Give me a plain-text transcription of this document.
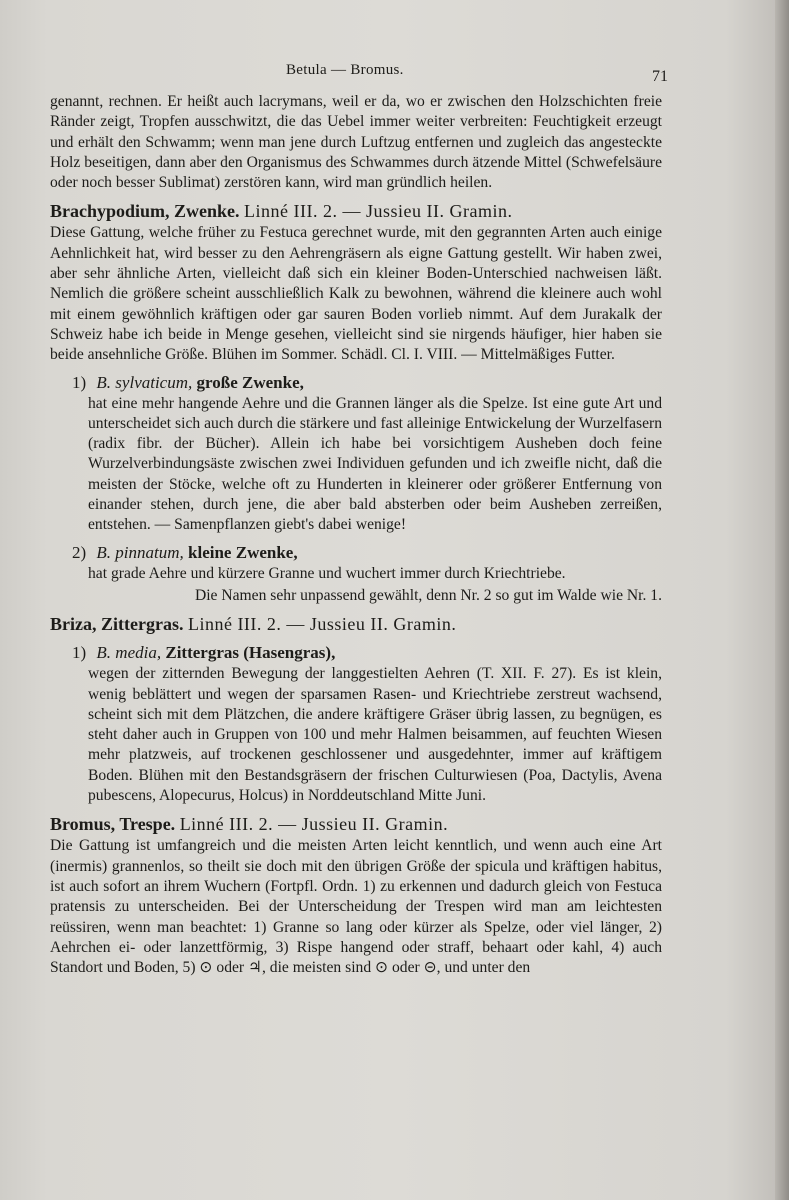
Betula — Bromus.	71

genannt, rechnen. Er heißt auch lacrymans, weil er da, wo er zwischen den Holzschichten freie Ränder zeigt, Tropfen ausschwitzt, die das Uebel immer weiter verbreiten: Feuchtigkeit erzeugt und erhält den Schwamm; wenn man jene durch Luftzug entfernen und zugleich das angesteckte Holz beseitigen, dann aber den Organismus des Schwammes durch ätzende Mittel (Schwefelsäure oder noch besser Sublimat) zerstören kann, wird man gründlich heilen.

Brachypodium, Zwenke. Linné III. 2. — Jussieu II. Gramin.

Diese Gattung, welche früher zu Festuca gerechnet wurde, mit den gegrannten Arten auch einige Aehnlichkeit hat, wird besser zu den Aehrengräsern als eigne Gattung gestellt. Wir haben zwei, aber sehr ähnliche Arten, vielleicht daß sich ein kleiner Boden-Unterschied nachweisen läßt. Nemlich die größere scheint ausschließlich Kalk zu bewohnen, während die kleinere auch wohl mit einem gewöhnlich kräftigen oder gar sauren Boden vorlieb nimmt. Auf dem Jurakalk der Schweiz habe ich beide in Menge gesehen, vielleicht sind sie nirgends häufiger, hier haben sie beide ansehnliche Größe. Blühen im Sommer. Schädl. Cl. I. VIII. — Mittelmäßiges Futter.

1) B. sylvaticum, große Zwenke,

hat eine mehr hangende Aehre und die Grannen länger als die Spelze. Ist eine gute Art und unterscheidet sich auch durch die stärkere und fast alleinige Entwickelung der Wurzelfasern (radix fibr. der Bücher). Allein ich habe bei vorsichtigem Ausheben doch feine Wurzelverbindungsäste zwischen zwei Individuen gefunden und ich zweifle nicht, daß die meisten der Stöcke, welche oft zu Hunderten in kleinerer oder größerer Entfernung von einander stehen, durch jene, die aber bald absterben oder beim Ausheben zerreißen, entstehen. — Samenpflanzen giebt's dabei wenige!

2) B. pinnatum, kleine Zwenke,

hat grade Aehre und kürzere Granne und wuchert immer durch Kriechtriebe.

Die Namen sehr unpassend gewählt, denn Nr. 2 so gut im Walde wie Nr. 1.

Briza, Zittergras. Linné III. 2. — Jussieu II. Gramin.

1) B. media, Zittergras (Hasengras),

wegen der zitternden Bewegung der langgestielten Aehren (T. XII. F. 27). Es ist klein, wenig beblättert und wegen der sparsamen Rasen- und Kriechtriebe zerstreut wachsend, scheint sich mit dem Plätzchen, die andere kräftigere Gräser übrig lassen, zu begnügen, es steht daher auch in Gruppen von 100 und mehr Halmen beisammen, auf feuchten Wiesen mehr platzweis, auf trockenen geschlossener und ausgedehnter, immer auf kräftigem Boden. Blühen mit den Bestandsgräsern der frischen Culturwiesen (Poa, Dactylis, Avena pubescens, Alopecurus, Holcus) in Norddeutschland Mitte Juni.

Bromus, Trespe. Linné III. 2. — Jussieu II. Gramin.

Die Gattung ist umfangreich und die meisten Arten leicht kenntlich, und wenn auch eine Art (inermis) grannenlos, so theilt sie doch mit den übrigen Größe der spicula und kräftigen habitus, ist auch sofort an ihrem Wuchern (Fortpfl. Ordn. 1) zu erkennen und dadurch gleich von Festuca pratensis zu unterscheiden. Bei der Unterscheidung der Trespen wird man am leichtesten reüssiren, wenn man beachtet: 1) Granne so lang oder kürzer als Spelze, oder viel länger, 2) Aehrchen ei- oder lanzettförmig, 3) Rispe hangend oder straff, behaart oder kahl, 4) auch Standort und Boden, 5) ⊙ oder ♃, die meisten sind ⊙ oder ⊝, und unter den
